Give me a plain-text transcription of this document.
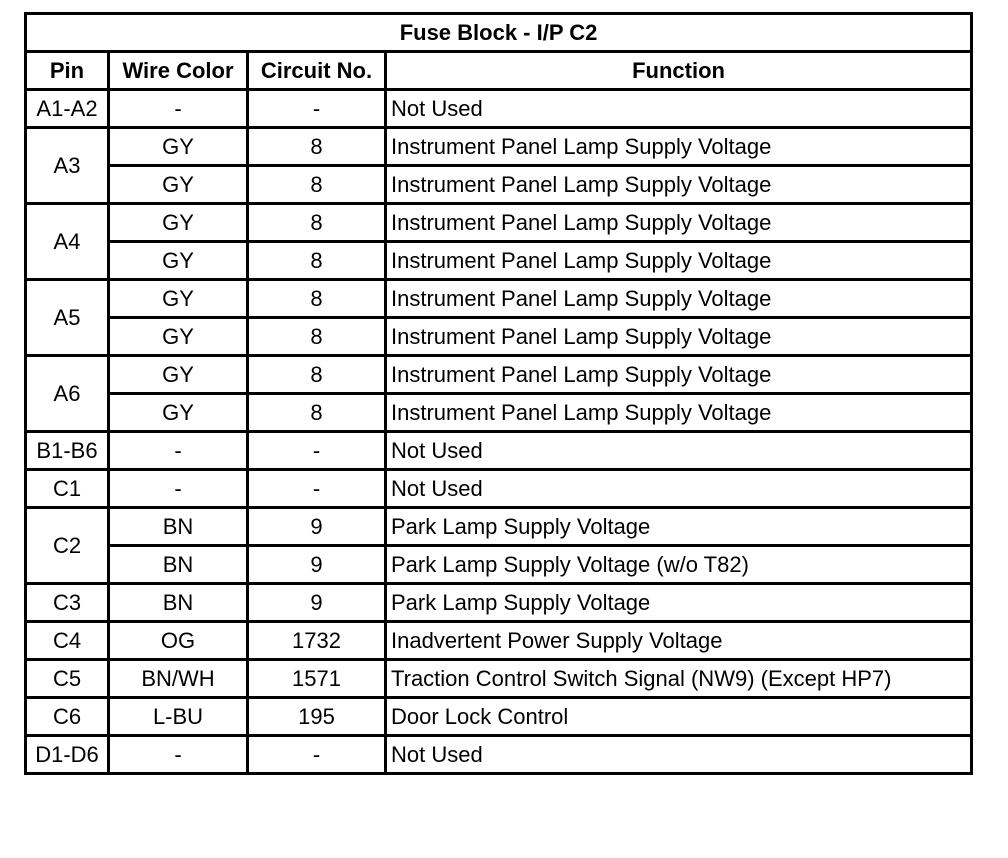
Fuse Block - I/P C2			
Pin	Wire Color	Circuit No.	Function
A1-A2	-	-	Not Used
A3	GY	8	Instrument Panel Lamp Supply Voltage
	GY	8	Instrument Panel Lamp Supply Voltage
A4	GY	8	Instrument Panel Lamp Supply Voltage
	GY	8	Instrument Panel Lamp Supply Voltage
A5	GY	8	Instrument Panel Lamp Supply Voltage
	GY	8	Instrument Panel Lamp Supply Voltage
A6	GY	8	Instrument Panel Lamp Supply Voltage
	GY	8	Instrument Panel Lamp Supply Voltage
B1-B6	-	-	Not Used
C1	-	-	Not Used
C2	BN	9	Park Lamp Supply Voltage
	BN	9	Park Lamp Supply Voltage (w/o T82)
C3	BN	9	Park Lamp Supply Voltage
C4	OG	1732	Inadvertent Power Supply Voltage
C5	BN/WH	1571	Traction Control Switch Signal (NW9) (Except HP7)
C6	L-BU	195	Door Lock Control
D1-D6	-	-	Not Used
